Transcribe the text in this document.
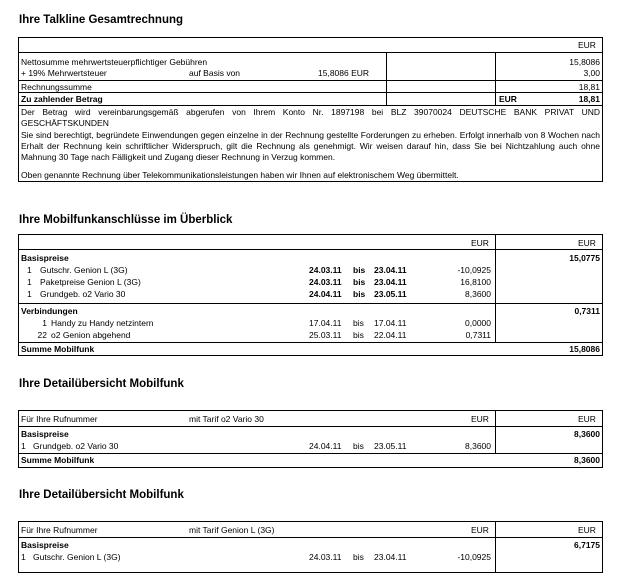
Ihre Talkline Gesamtrechnung
EUR
Nettosumme mehrwertsteuerpflichtiger Gebühren	15,8086
+ 19% Mehrwertsteuer	auf Basis von	15,8086 EUR	3,00
Rechnungssumme	18,81
Zu zahlender Betrag	EUR	18,81
Der Betrag wird vereinbarungsgemäß abgerufen von Ihrem Konto Nr. 1897198 bei BLZ 39070024 DEUTSCHE BANK PRIVAT UND GESCHÄFTSKUNDEN
Sie sind berechtigt, begründete Einwendungen gegen einzelne in der Rechnung gestellte Forderungen zu erheben. Erfolgt innerhalb von 8 Wochen nach Erhalt der Rechnung kein schriftlicher Widerspruch, gilt die Rechnung als genehmigt. Wir weisen darauf hin, dass Sie bei Nichtzahlung auch ohne Mahnung 30 Tage nach Fälligkeit und Zugang dieser Rechnung in Verzug kommen.
Oben genannte Rechnung über Telekommunikationsleistungen haben wir Ihnen auf elektronischem Weg übermittelt.
Ihre Mobilfunkanschlüsse im Überblick
EUR	EUR
Basispreise	15,0775
1 Gutschr. Genion L (3G)	24.03.11 bis 23.04.11	-10,0925
1 Paketpreise Genion L (3G)	24.03.11 bis 23.04.11	16,8100
1 Grundgeb. o2 Vario 30	24.04.11 bis 23.05.11	8,3600
Verbindungen	0,7311
1 Handy zu Handy netzintern	17.04.11 bis 17.04.11	0,0000
22 o2 Genion abgehend	25.03.11 bis 22.04.11	0,7311
Summe Mobilfunk	15,8086
Ihre Detailübersicht Mobilfunk
Für Ihre Rufnummer	mit Tarif o2 Vario 30	EUR	EUR
Basispreise	8,3600
1 Grundgeb. o2 Vario 30	24.04.11 bis 23.05.11	8,3600
Summe Mobilfunk	8,3600
Ihre Detailübersicht Mobilfunk
Für Ihre Rufnummer	mit Tarif Genion L (3G)	EUR	EUR
Basispreise	6,7175
1 Gutschr. Genion L (3G)	24.03.11 bis 23.04.11	-10,0925
